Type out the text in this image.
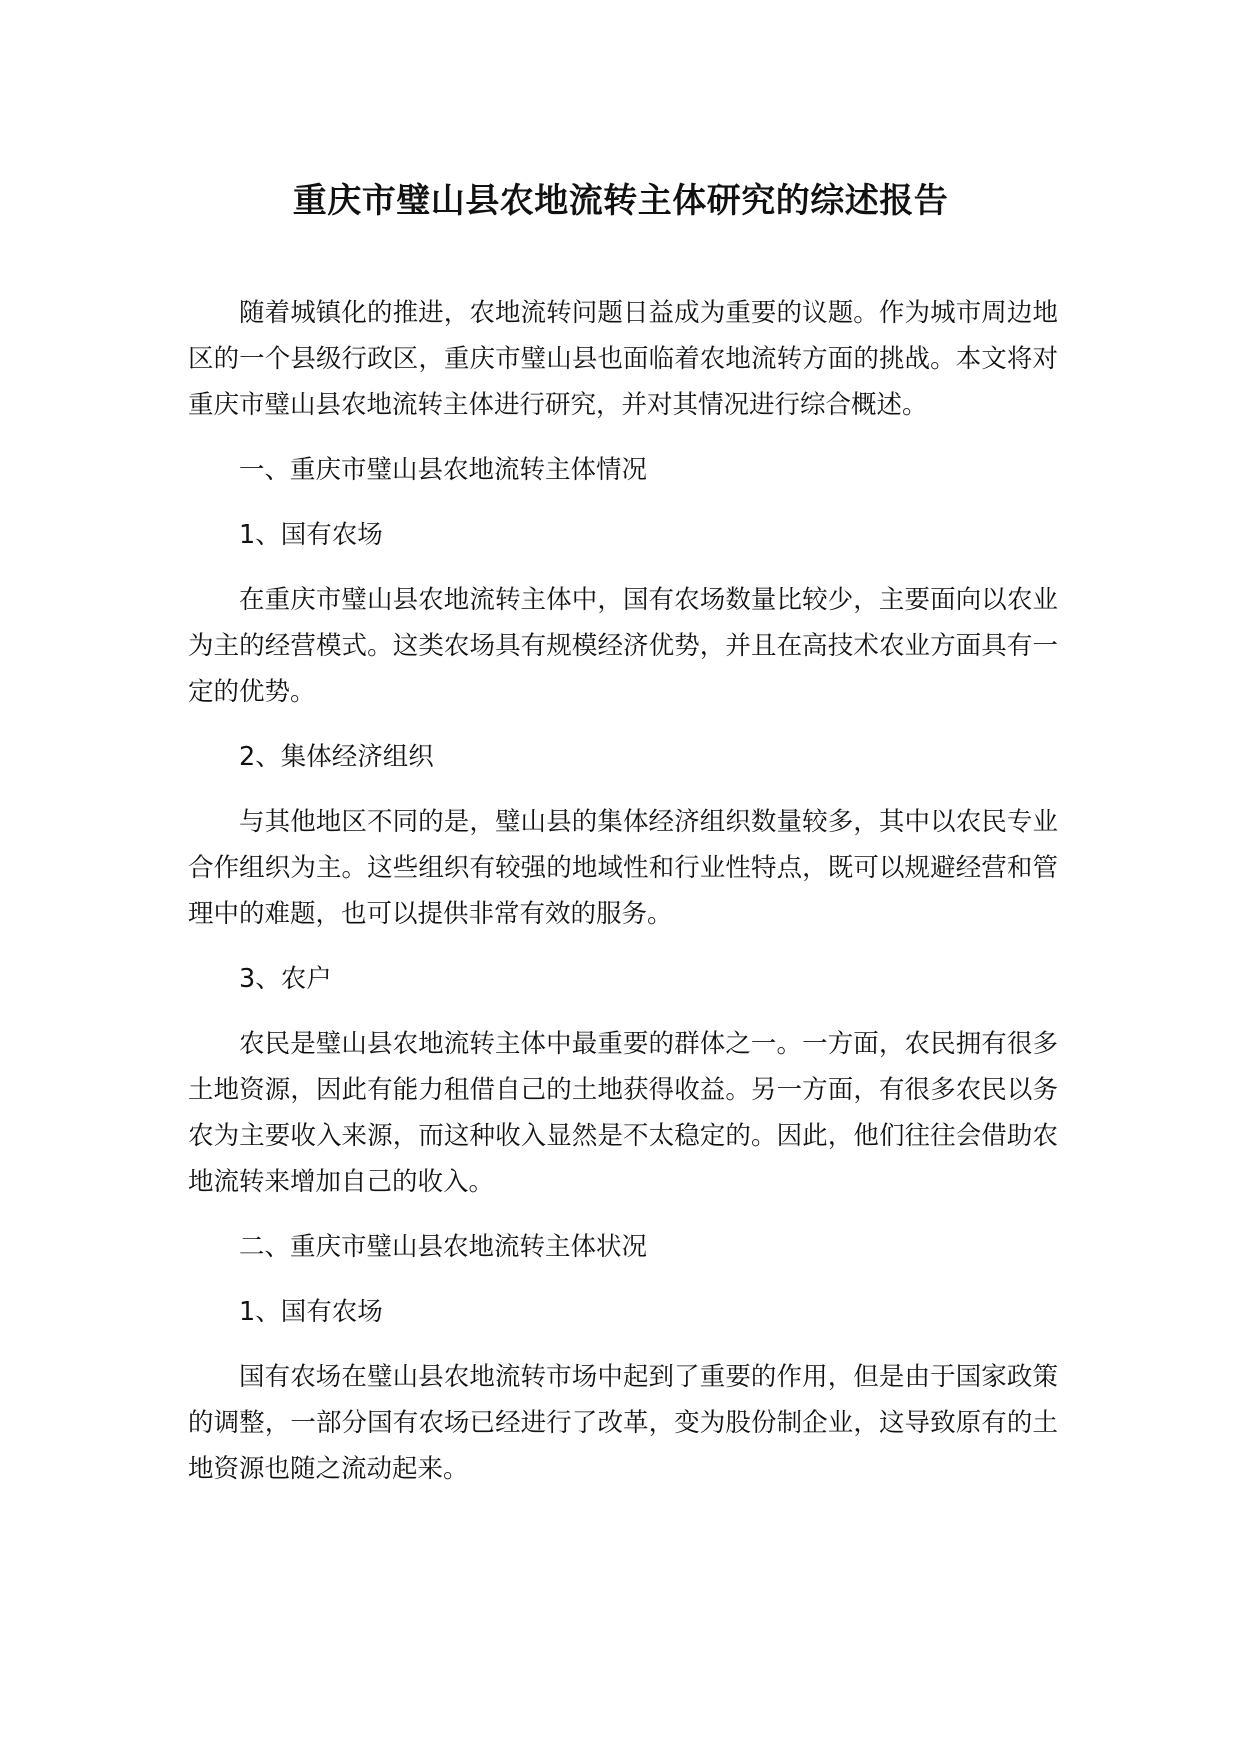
重庆市璧山县农地流转主体研究的综述报告

随着城镇化的推进，农地流转问题日益成为重要的议题。作为城市周边地区的一个县级行政区，重庆市璧山县也面临着农地流转方面的挑战。本文将对重庆市璧山县农地流转主体进行研究，并对其情况进行综合概述。

一、重庆市璧山县农地流转主体情况

1、国有农场

在重庆市璧山县农地流转主体中，国有农场数量比较少，主要面向以农业为主的经营模式。这类农场具有规模经济优势，并且在高技术农业方面具有一定的优势。

2、集体经济组织

与其他地区不同的是，璧山县的集体经济组织数量较多，其中以农民专业合作组织为主。这些组织有较强的地域性和行业性特点，既可以规避经营和管理中的难题，也可以提供非常有效的服务。

3、农户

农民是璧山县农地流转主体中最重要的群体之一。一方面，农民拥有很多土地资源，因此有能力租借自己的土地获得收益。另一方面，有很多农民以务农为主要收入来源，而这种收入显然是不太稳定的。因此，他们往往会借助农地流转来增加自己的收入。

二、重庆市璧山县农地流转主体状况

1、国有农场

国有农场在璧山县农地流转市场中起到了重要的作用，但是由于国家政策的调整，一部分国有农场已经进行了改革，变为股份制企业，这导致原有的土地资源也随之流动起来。
